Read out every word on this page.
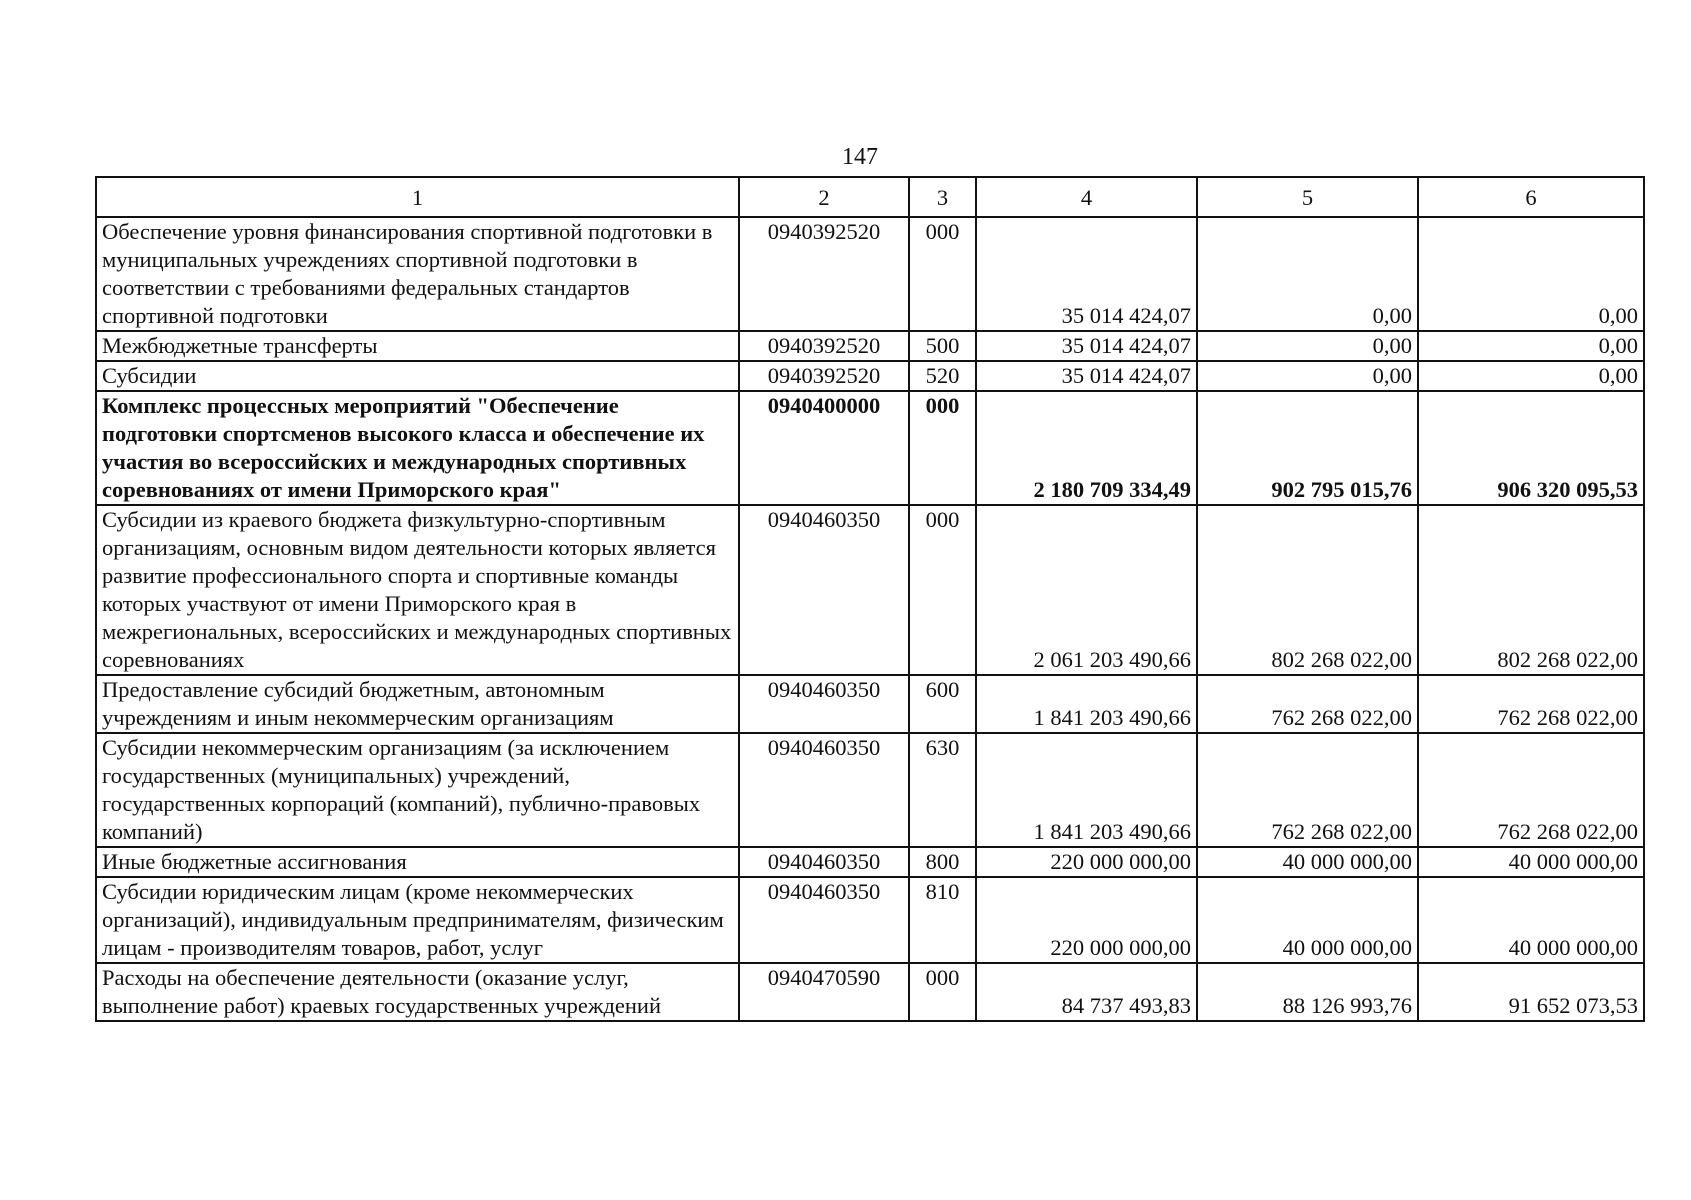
147
1	2	3	4	5	6
Обеспечение уровня финансирования спортивной подготовки в муниципальных учреждениях спортивной подготовки в соответствии с требованиями федеральных стандартов спортивной подготовки	0940392520	000	35 014 424,07	0,00	0,00
Межбюджетные трансферты	0940392520	500	35 014 424,07	0,00	0,00
Субсидии	0940392520	520	35 014 424,07	0,00	0,00
Комплекс процессных мероприятий "Обеспечение подготовки спортсменов высокого класса и обеспечение их участия во всероссийских и международных спортивных соревнованиях от имени Приморского края"	0940400000	000	2 180 709 334,49	902 795 015,76	906 320 095,53
Субсидии из краевого бюджета физкультурно-спортивным организациям, основным видом деятельности которых является развитие профессионального спорта и спортивные команды которых участвуют от имени Приморского края в межрегиональных, всероссийских и международных спортивных соревнованиях	0940460350	000	2 061 203 490,66	802 268 022,00	802 268 022,00
Предоставление субсидий бюджетным, автономным учреждениям и иным некоммерческим организациям	0940460350	600	1 841 203 490,66	762 268 022,00	762 268 022,00
Субсидии некоммерческим организациям (за исключением государственных (муниципальных) учреждений, государственных корпораций (компаний), публично-правовых компаний)	0940460350	630	1 841 203 490,66	762 268 022,00	762 268 022,00
Иные бюджетные ассигнования	0940460350	800	220 000 000,00	40 000 000,00	40 000 000,00
Субсидии юридическим лицам (кроме некоммерческих организаций), индивидуальным предпринимателям, физическим лицам - производителям товаров, работ, услуг	0940460350	810	220 000 000,00	40 000 000,00	40 000 000,00
Расходы на обеспечение деятельности (оказание услуг, выполнение работ) краевых государственных учреждений	0940470590	000	84 737 493,83	88 126 993,76	91 652 073,53
